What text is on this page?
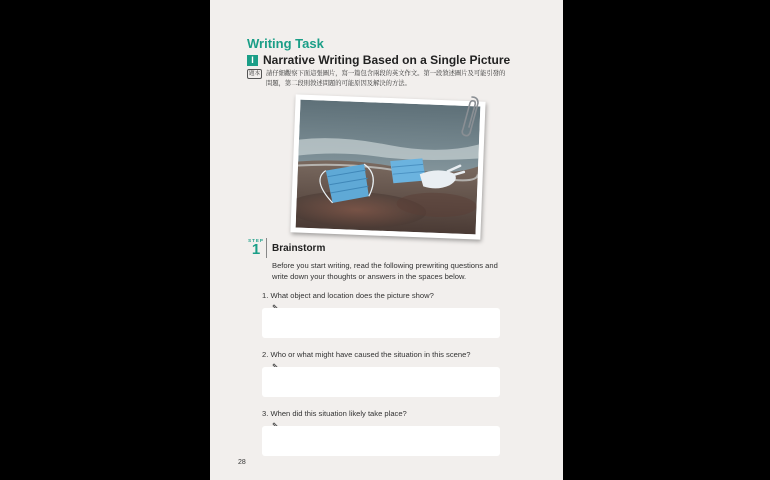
Writing Task
I Narrative Writing Based on a Single Picture
題本 請仔細觀察下面這張圖片，寫一篇包含兩段的英文作文。第一段敘述圖片及可能引發的問題，第二段則敘述問題的可能原因及解決的方法。
STEP
1	Brainstorm
Before you start writing, read the following prewriting questions and write down your thoughts or answers in the spaces below.
1. What object and location does the picture show?
2. Who or what might have caused the situation in this scene?
3. When did this situation likely take place?
28
